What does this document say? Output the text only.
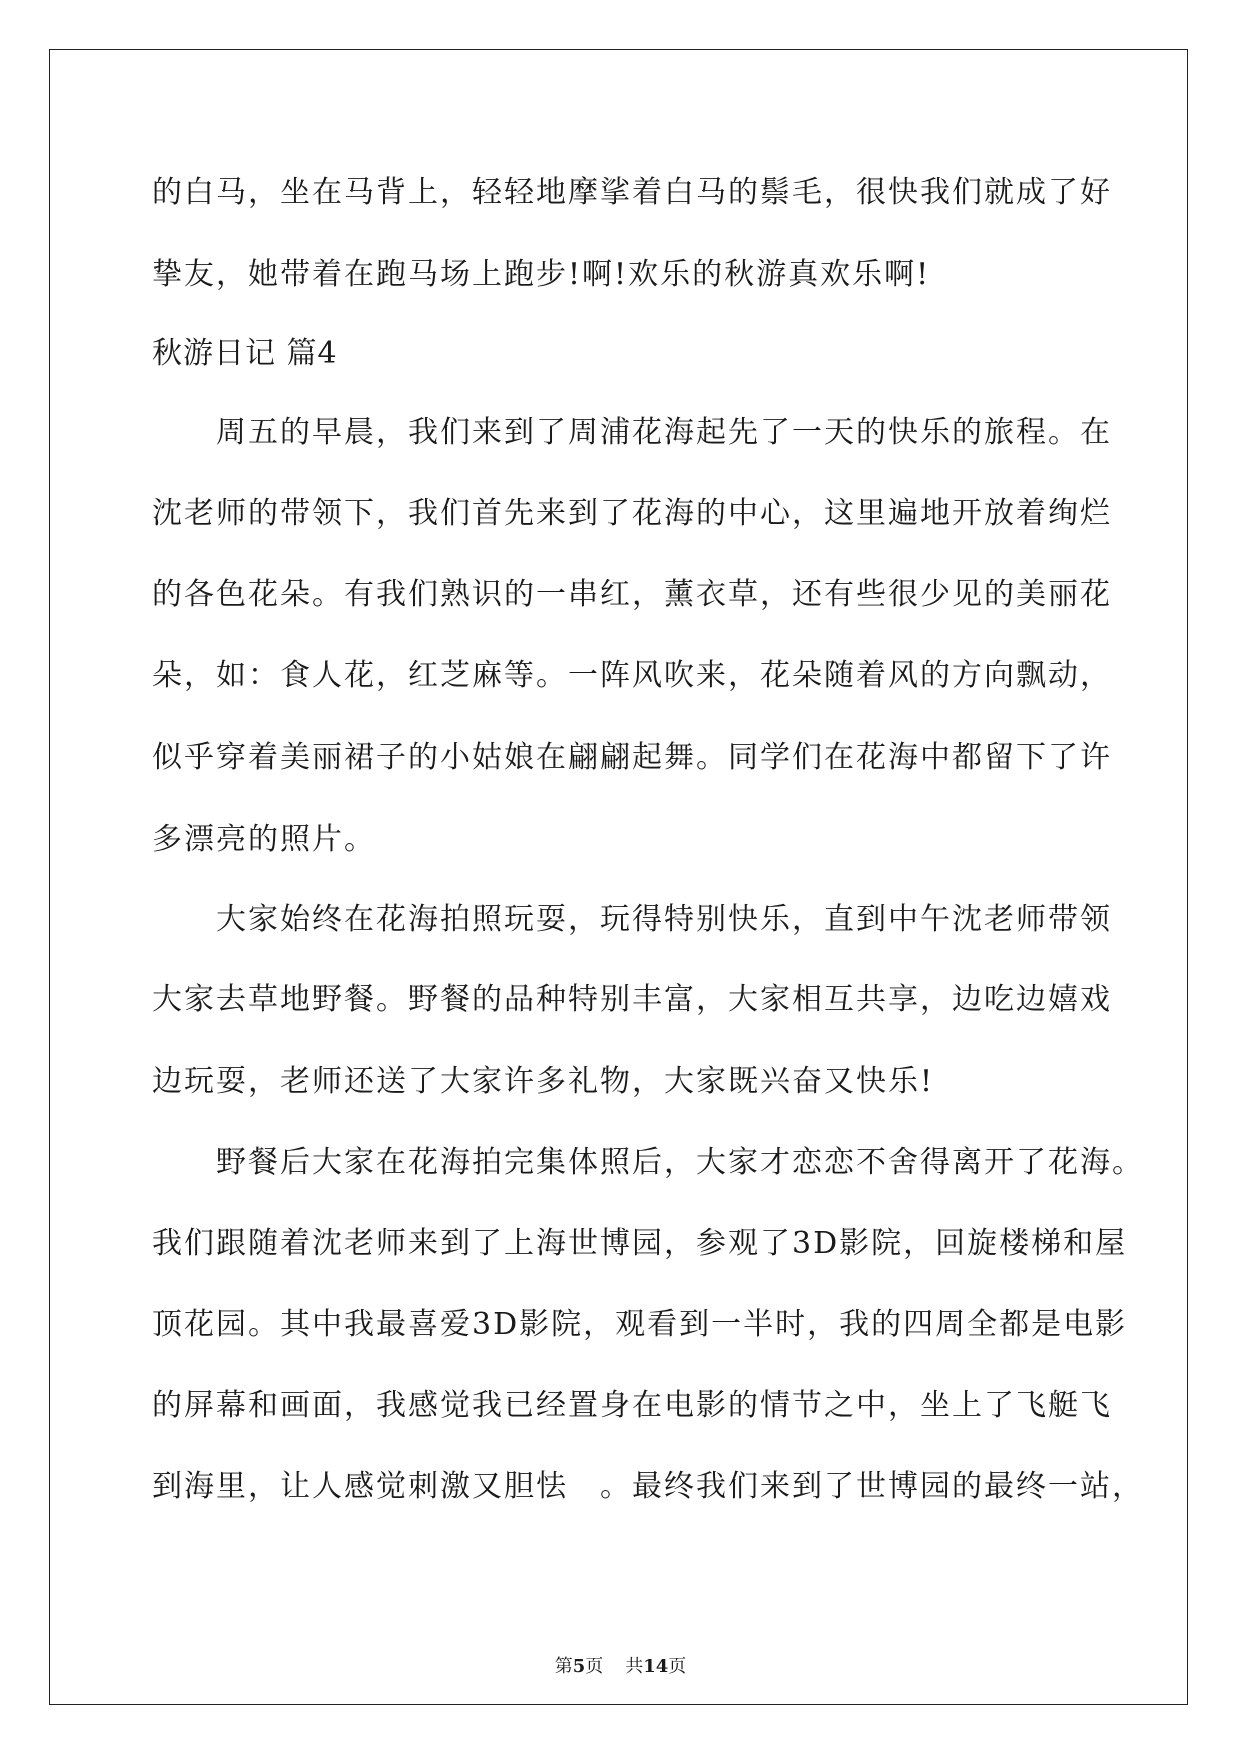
的白马，坐在马背上，轻轻地摩挲着白马的鬃毛，很快我们就成了好

挚友，她带着在跑马场上跑步!啊!欢乐的秋游真欢乐啊!

秋游日记 篇4

　　周五的早晨，我们来到了周浦花海起先了一天的快乐的旅程。在

沈老师的带领下，我们首先来到了花海的中心，这里遍地开放着绚烂

的各色花朵。有我们熟识的一串红，薰衣草，还有些很少见的美丽花

朵，如：食人花，红芝麻等。一阵风吹来，花朵随着风的方向飘动，

似乎穿着美丽裙子的小姑娘在翩翩起舞。同学们在花海中都留下了许

多漂亮的照片。

　　大家始终在花海拍照玩耍，玩得特别快乐，直到中午沈老师带领

大家去草地野餐。野餐的品种特别丰富，大家相互共享，边吃边嬉戏

边玩耍，老师还送了大家许多礼物，大家既兴奋又快乐!

　　野餐后大家在花海拍完集体照后，大家才恋恋不舍得离开了花海。

我们跟随着沈老师来到了上海世博园，参观了3D影院，回旋楼梯和屋

顶花园。其中我最喜爱3D影院，观看到一半时，我的四周全都是电影

的屏幕和画面，我感觉我已经置身在电影的情节之中，坐上了飞艇飞

到海里，让人感觉刺激又胆怯　。最终我们来到了世博园的最终一站，

第5页 共14页
